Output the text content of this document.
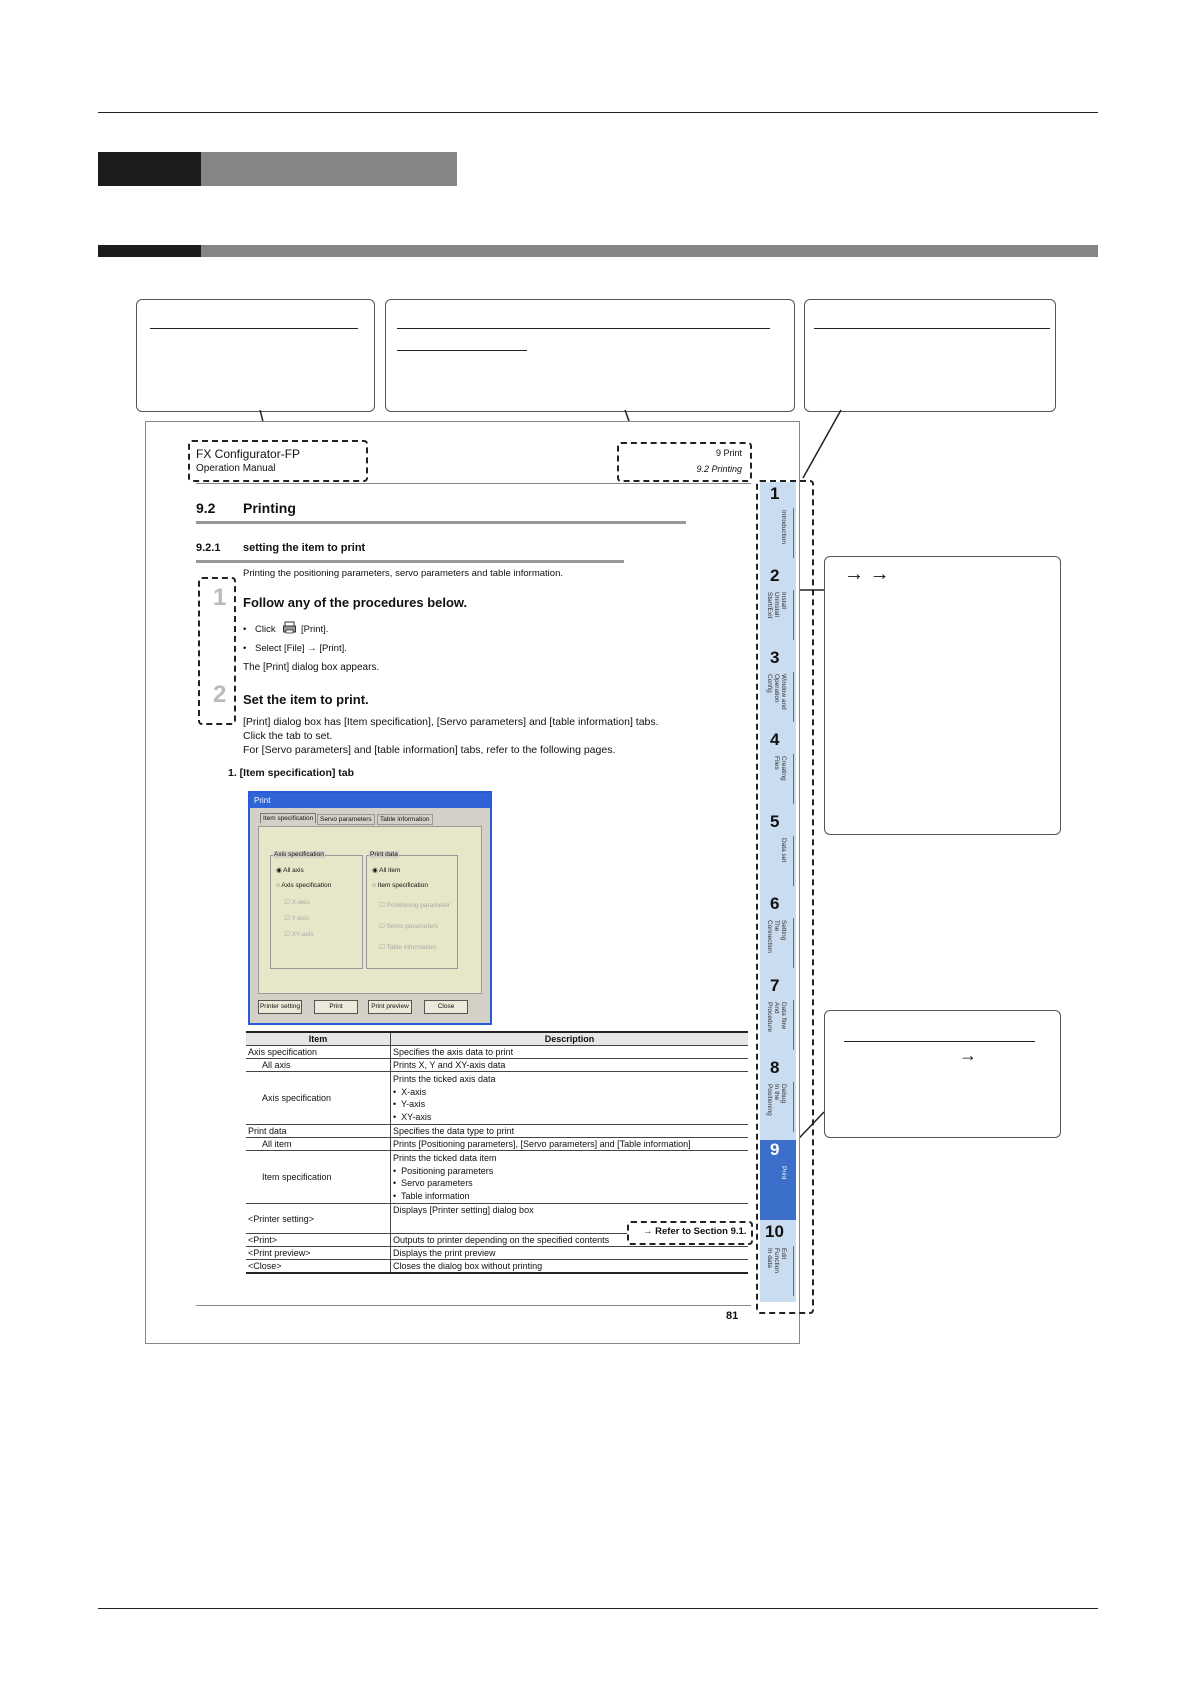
→ →
→
FX Configurator-FP
Operation Manual
9 Print
9.2 Printing
9.2 Printing
9.2.1 setting the item to print
Printing the positioning parameters, servo parameters and table information.
1 Follow any of the procedures below.
• Click	[Print].
• Select [File] → [Print].
The [Print] dialog box appears.
2 Set the item to print.
[Print] dialog box has [Item specification], [Servo parameters] and [table information] tabs.
Click the tab to set.
For [Servo parameters] and [table information] tabs, refer to the following pages.
1. [Item specification] tab
Print
Item specification	Servo parameters	Table information
Axis specification
◉ All axis
○ Axis specification
☑ X-axis
☑ Y-axis
☑ XY-axis
Print data
◉ All item
○ Item specification
☑ Positioning parameter
☑ Servo parameters
☑ Table information
Printer setting	Print	Print preview	Close
Item	Description
Axis specification	Specifies the axis data to print
All axis	Prints X, Y and XY-axis data
Axis specification	Prints the ticked axis data
•  X-axis
•  Y-axis
•  XY-axis

Print data	Specifies the data type to print
All item	Prints [Positioning parameters], [Servo parameters] and [Table information]
Item specification	Prints the ticked data item
•  Positioning parameters
•  Servo parameters
•  Table information

<Printer setting>	Displays [Printer setting] dialog box
<Print>	Outputs to printer depending on the specified contents
<Print preview>	Displays the print preview
<Close>	Closes the dialog box without printing
→ Refer to Section 9.1.
81
1
Introduction
2
Install
Uninstall
Start/Exit
3
Window and
Operation
Config
4
Creating
Files
5
Data set
6
Setting
The
Connection
7
Data flow
And
Procedure
8
Debug
In the
Positioning
9
Print
10
Edit
Function
In data
